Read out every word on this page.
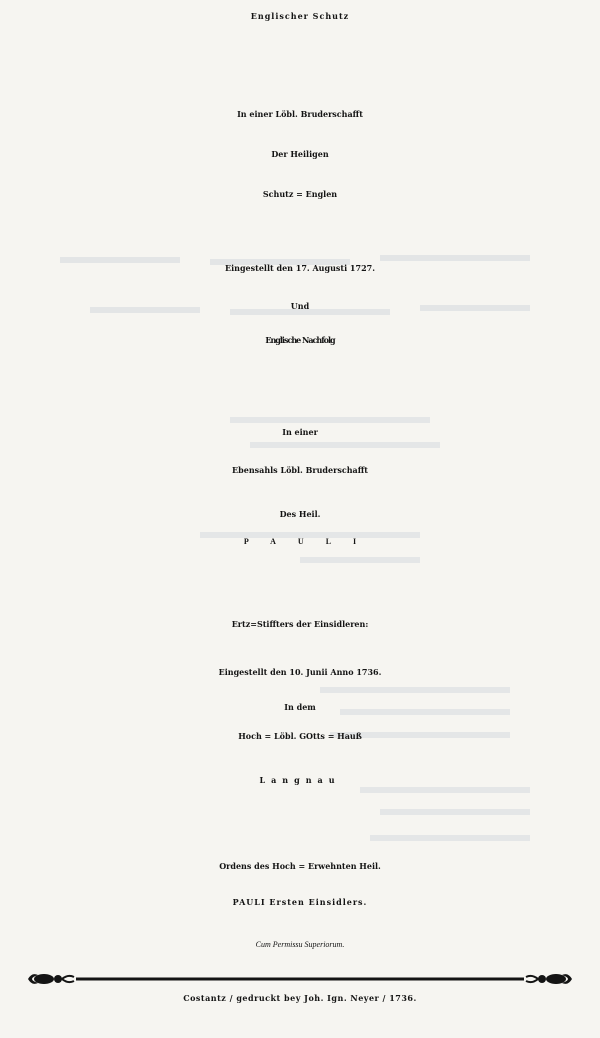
Englischer Schutz
In einer Löbl. Bruderschafft
Der Heiligen
Schutz = Englen
Eingestellt den 17. Augusti 1727.
Und
Englische Nachfolg
In einer
Ebensahls Löbl. Bruderschafft
Des Heil.
PAULI
Ertz=Stiffters der Einsidleren:
Eingestellt den 10. Junii Anno 1736.
In dem
Hoch = Löbl. GOtts = Hauß
Langnau
Ordens des Hoch = Erwehnten Heil.
PAULI Ersten Einsidlers.
Cum Permissu Superiorum.
Costantz / gedruckt bey Joh. Ign. Neyer / 1736.
